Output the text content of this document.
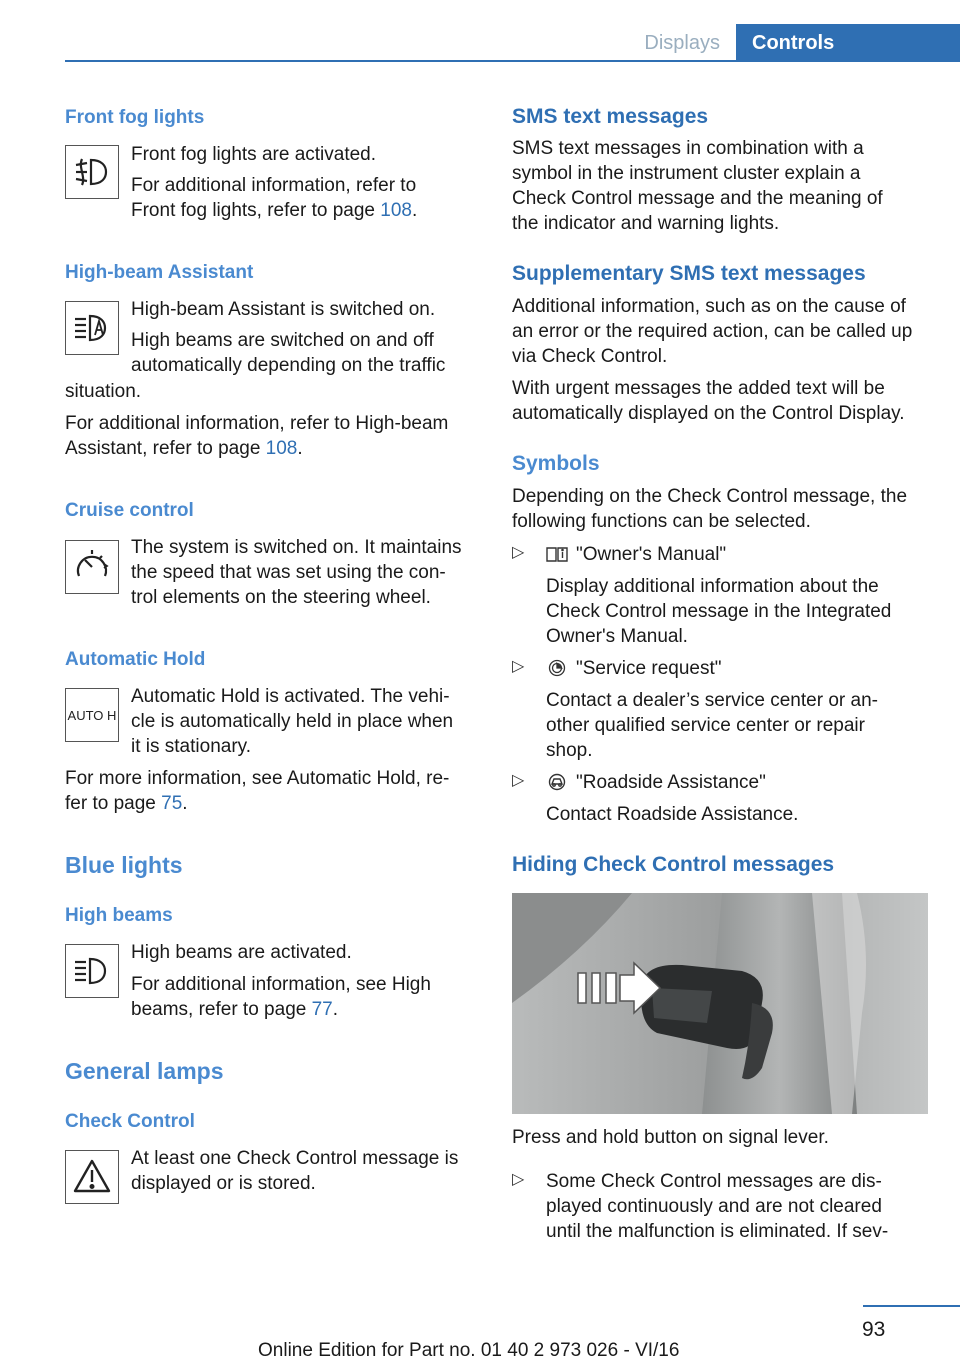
Displays	Controls
Front fog lights

Front fog lights are activated.

For additional information, refer to

Front fog lights, refer to page 108.

High-beam Assistant

High-beam Assistant is switched on.

High beams are switched on and off

automatically depending on the traffic

situation.

For additional information, refer to High-beam

Assistant, refer to page 108.

Cruise control

The system is switched on. It maintains

the speed that was set using the con‐

trol elements on the steering wheel.

Automatic Hold
AUTO H

Automatic Hold is activated. The vehi‐

cle is automatically held in place when

it is stationary.

For more information, see Automatic Hold, re‐

fer to page 75.

Blue lights
High beams

High beams are activated.

For additional information, see High

beams, refer to page 77.

General lamps
Check Control

At least one Check Control message is

displayed or is stored.

SMS text messages

SMS text messages in combination with a

symbol in the instrument cluster explain a

Check Control message and the meaning of

the indicator and warning lights.

Supplementary SMS text messages

Additional information, such as on the cause of

an error or the required action, can be called up

via Check Control.

With urgent messages the added text will be

automatically displayed on the Control Display.

Symbols

Depending on the Check Control message, the

following functions can be selected.

▷	"Owner's Manual"

Display additional information about the

Check Control message in the Integrated

Owner's Manual.

▷	"Service request"

Contact a dealer’s service center or an‐

other qualified service center or repair

shop.

▷	"Roadside Assistance"

Contact Roadside Assistance.

Hiding Check Control messages

Press and hold button on signal lever.

▷ Some Check Control messages are dis‐

played continuously and are not cleared

until the malfunction is eliminated. If sev‐

93
Online Edition for Part no. 01 40 2 973 026 - VI/16
